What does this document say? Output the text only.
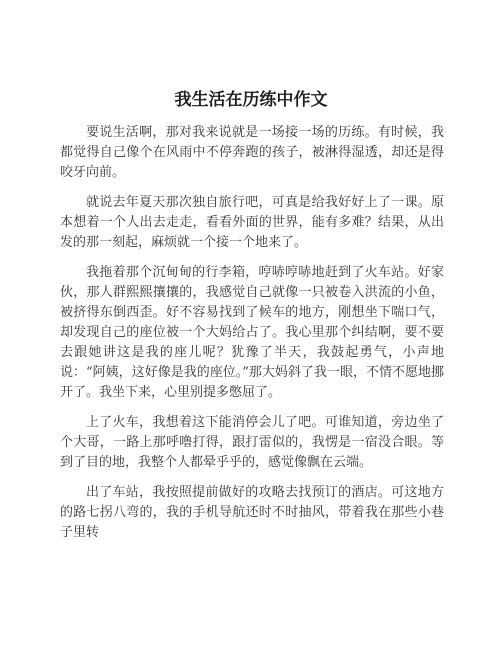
我生活在历练中作文

要说生活啊，那对我来说就是一场接一场的历练。有时候，我都觉得自己像个在风雨中不停奔跑的孩子，被淋得湿透，却还是得咬牙向前。

就说去年夏天那次独自旅行吧，可真是给我好好上了一课。原本想着一个人出去走走，看看外面的世界，能有多难？结果，从出发的那一刻起，麻烦就一个接一个地来了。

我拖着那个沉甸甸的行李箱，哼哧哼哧地赶到了火车站。好家伙，那人群熙熙攘攘的，我感觉自己就像一只被卷入洪流的小鱼，被挤得东倒西歪。好不容易找到了候车的地方，刚想坐下喘口气，却发现自己的座位被一个大妈给占了。我心里那个纠结啊，要不要去跟她讲这是我的座儿呢？犹豫了半天，我鼓起勇气，小声地说：“阿姨，这好像是我的座位。”那大妈斜了我一眼，不情不愿地挪开了。我坐下来，心里别提多憋屈了。

上了火车，我想着这下能消停会儿了吧。可谁知道，旁边坐了个大哥，一路上那呼噜打得，跟打雷似的，我愣是一宿没合眼。等到了目的地，我整个人都晕乎乎的，感觉像飘在云端。

出了车站，我按照提前做好的攻略去找预订的酒店。可这地方的路七拐八弯的，我的手机导航还时不时抽风，带着我在那些小巷子里转
